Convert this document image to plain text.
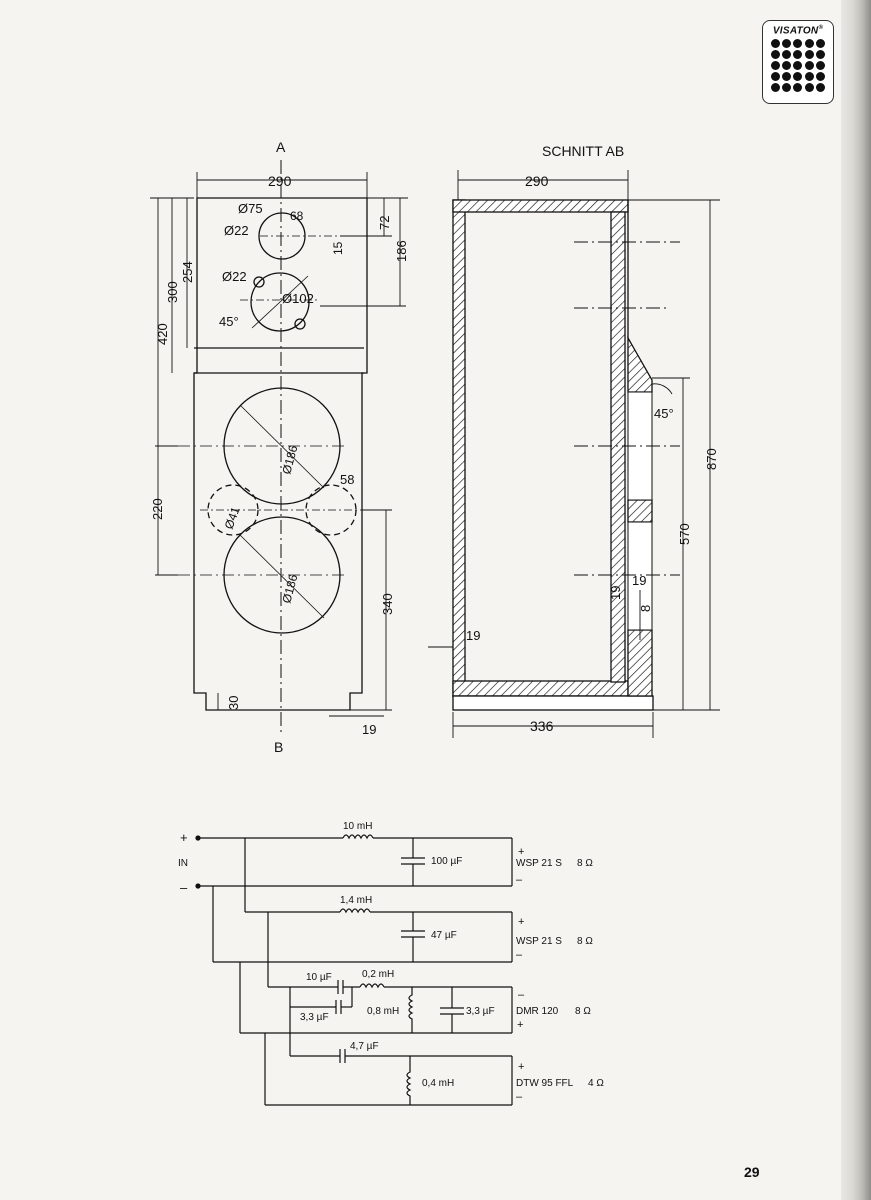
VISATON®
A
B
290
Ø75
Ø22
68
Ø22
Ø102
45°
Ø186
Ø186
Ø41
58
420
300
254
220
72
15	186
340
30
19
SCHNITT AB
290
870
570
45°
19
19
8
19
336
+
IN
–
10 mH
100 µF
+
WSP 21 S 8 Ω
–
1,4 mH
47 µF
+
WSP 21 S 8 Ω
–
10 µF
3,3 µF
0,2 mH
0,8 mH	3,3 µF
–
DMR 120 8 Ω
+
4,7 µF
0,4 mH
+
DTW 95 FFL 4 Ω
–
29
